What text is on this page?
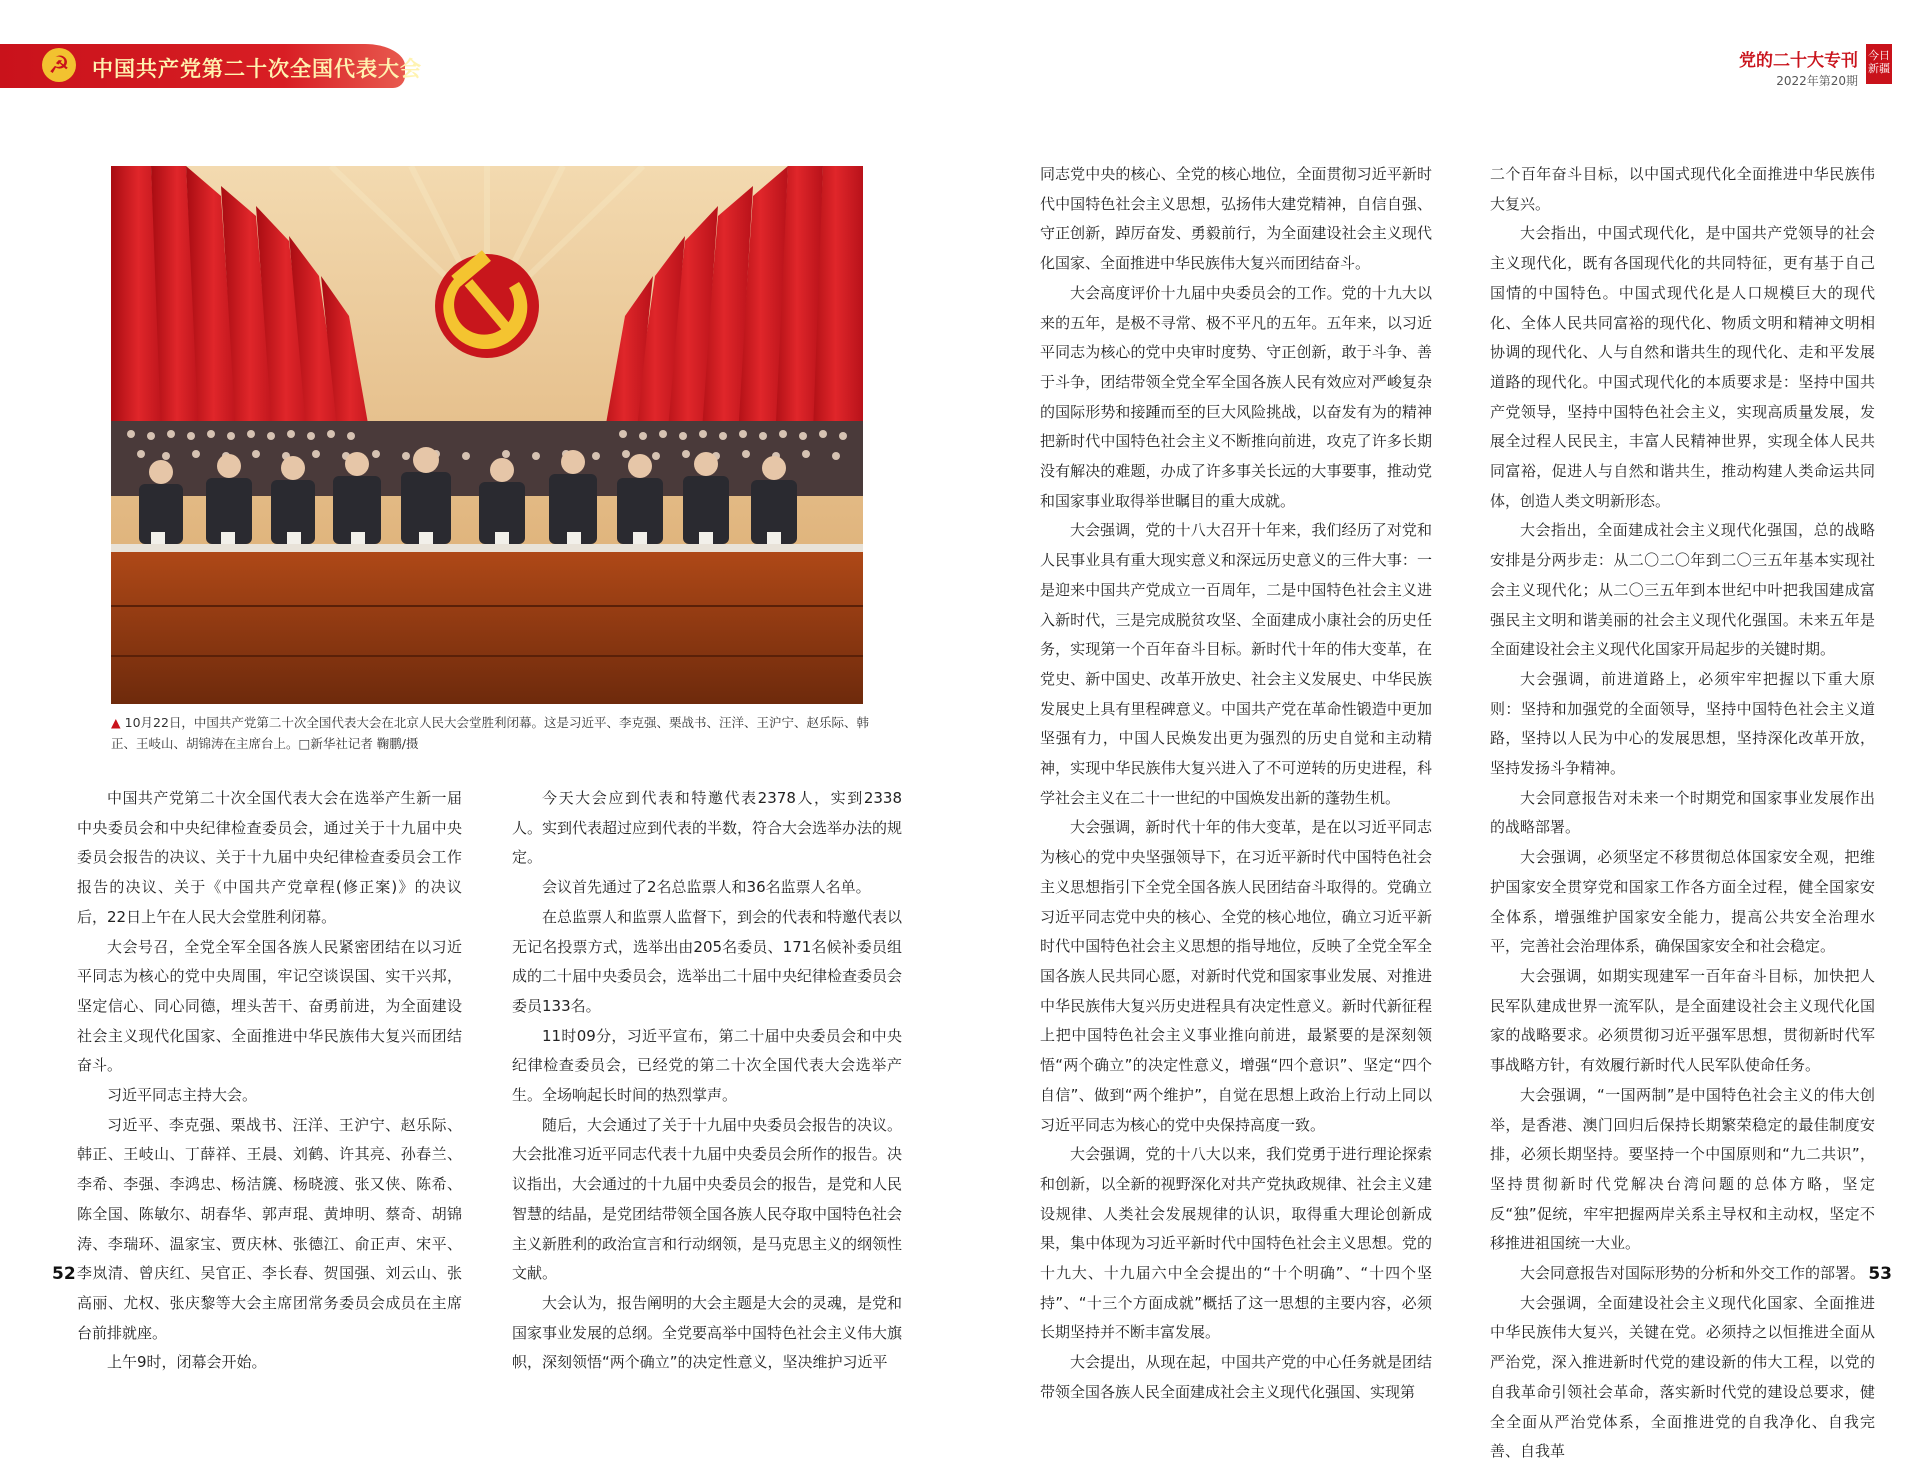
☭ 中国共产党第二十次全国代表大会	党的二十大专刊
2022年第20期
今日新疆
▲ 10月22日，中国共产党第二十次全国代表大会在北京人民大会堂胜利闭幕。这是习近平、李克强、栗战书、汪洋、王沪宁、赵乐际、韩正、王岐山、胡锦涛在主席台上。□新华社记者 鞠鹏/摄

中国共产党第二十次全国代表大会在选举产生新一届中央委员会和中央纪律检查委员会，通过关于十九届中央委员会报告的决议、关于十九届中央纪律检查委员会工作报告的决议、关于《中国共产党章程(修正案)》的决议后，22日上午在人民大会堂胜利闭幕。

大会号召，全党全军全国各族人民紧密团结在以习近平同志为核心的党中央周围，牢记空谈误国、实干兴邦，坚定信心、同心同德，埋头苦干、奋勇前进，为全面建设社会主义现代化国家、全面推进中华民族伟大复兴而团结奋斗。

习近平同志主持大会。

习近平、李克强、栗战书、汪洋、王沪宁、赵乐际、韩正、王岐山、丁薛祥、王晨、刘鹤、许其亮、孙春兰、李希、李强、李鸿忠、杨洁篪、杨晓渡、张又侠、陈希、陈全国、陈敏尔、胡春华、郭声琨、黄坤明、蔡奇、胡锦涛、李瑞环、温家宝、贾庆林、张德江、俞正声、宋平、李岚清、曾庆红、吴官正、李长春、贺国强、刘云山、张高丽、尤权、张庆黎等大会主席团常务委员会成员在主席台前排就座。

上午9时，闭幕会开始。

今天大会应到代表和特邀代表2378人，实到2338人。实到代表超过应到代表的半数，符合大会选举办法的规定。

会议首先通过了2名总监票人和36名监票人名单。

在总监票人和监票人监督下，到会的代表和特邀代表以无记名投票方式，选举出由205名委员、171名候补委员组成的二十届中央委员会，选举出二十届中央纪律检查委员会委员133名。

11时09分，习近平宣布，第二十届中央委员会和中央纪律检查委员会，已经党的第二十次全国代表大会选举产生。全场响起长时间的热烈掌声。

随后，大会通过了关于十九届中央委员会报告的决议。大会批准习近平同志代表十九届中央委员会所作的报告。决议指出，大会通过的十九届中央委员会的报告，是党和人民智慧的结晶，是党团结带领全国各族人民夺取中国特色社会主义新胜利的政治宣言和行动纲领，是马克思主义的纲领性文献。

大会认为，报告阐明的大会主题是大会的灵魂，是党和国家事业发展的总纲。全党要高举中国特色社会主义伟大旗帜，深刻领悟“两个确立”的决定性意义，坚决维护习近平

同志党中央的核心、全党的核心地位，全面贯彻习近平新时代中国特色社会主义思想，弘扬伟大建党精神，自信自强、守正创新，踔厉奋发、勇毅前行，为全面建设社会主义现代化国家、全面推进中华民族伟大复兴而团结奋斗。

大会高度评价十九届中央委员会的工作。党的十九大以来的五年，是极不寻常、极不平凡的五年。五年来，以习近平同志为核心的党中央审时度势、守正创新，敢于斗争、善于斗争，团结带领全党全军全国各族人民有效应对严峻复杂的国际形势和接踵而至的巨大风险挑战，以奋发有为的精神把新时代中国特色社会主义不断推向前进，攻克了许多长期没有解决的难题，办成了许多事关长远的大事要事，推动党和国家事业取得举世瞩目的重大成就。

大会强调，党的十八大召开十年来，我们经历了对党和人民事业具有重大现实意义和深远历史意义的三件大事：一是迎来中国共产党成立一百周年，二是中国特色社会主义进入新时代，三是完成脱贫攻坚、全面建成小康社会的历史任务，实现第一个百年奋斗目标。新时代十年的伟大变革，在党史、新中国史、改革开放史、社会主义发展史、中华民族发展史上具有里程碑意义。中国共产党在革命性锻造中更加坚强有力，中国人民焕发出更为强烈的历史自觉和主动精神，实现中华民族伟大复兴进入了不可逆转的历史进程，科学社会主义在二十一世纪的中国焕发出新的蓬勃生机。

大会强调，新时代十年的伟大变革，是在以习近平同志为核心的党中央坚强领导下，在习近平新时代中国特色社会主义思想指引下全党全国各族人民团结奋斗取得的。党确立习近平同志党中央的核心、全党的核心地位，确立习近平新时代中国特色社会主义思想的指导地位，反映了全党全军全国各族人民共同心愿，对新时代党和国家事业发展、对推进中华民族伟大复兴历史进程具有决定性意义。新时代新征程上把中国特色社会主义事业推向前进，最紧要的是深刻领悟“两个确立”的决定性意义，增强“四个意识”、坚定“四个自信”、做到“两个维护”，自觉在思想上政治上行动上同以习近平同志为核心的党中央保持高度一致。

大会强调，党的十八大以来，我们党勇于进行理论探索和创新，以全新的视野深化对共产党执政规律、社会主义建设规律、人类社会发展规律的认识，取得重大理论创新成果，集中体现为习近平新时代中国特色社会主义思想。党的十九大、十九届六中全会提出的“十个明确”、“十四个坚持”、“十三个方面成就”概括了这一思想的主要内容，必须长期坚持并不断丰富发展。

大会提出，从现在起，中国共产党的中心任务就是团结带领全国各族人民全面建成社会主义现代化强国、实现第

二个百年奋斗目标，以中国式现代化全面推进中华民族伟大复兴。

大会指出，中国式现代化，是中国共产党领导的社会主义现代化，既有各国现代化的共同特征，更有基于自己国情的中国特色。中国式现代化是人口规模巨大的现代化、全体人民共同富裕的现代化、物质文明和精神文明相协调的现代化、人与自然和谐共生的现代化、走和平发展道路的现代化。中国式现代化的本质要求是：坚持中国共产党领导，坚持中国特色社会主义，实现高质量发展，发展全过程人民民主，丰富人民精神世界，实现全体人民共同富裕，促进人与自然和谐共生，推动构建人类命运共同体，创造人类文明新形态。

大会指出，全面建成社会主义现代化强国，总的战略安排是分两步走：从二〇二〇年到二〇三五年基本实现社会主义现代化；从二〇三五年到本世纪中叶把我国建成富强民主文明和谐美丽的社会主义现代化强国。未来五年是全面建设社会主义现代化国家开局起步的关键时期。

大会强调，前进道路上，必须牢牢把握以下重大原则：坚持和加强党的全面领导，坚持中国特色社会主义道路，坚持以人民为中心的发展思想，坚持深化改革开放，坚持发扬斗争精神。

大会同意报告对未来一个时期党和国家事业发展作出的战略部署。

大会强调，必须坚定不移贯彻总体国家安全观，把维护国家安全贯穿党和国家工作各方面全过程，健全国家安全体系，增强维护国家安全能力，提高公共安全治理水平，完善社会治理体系，确保国家安全和社会稳定。

大会强调，如期实现建军一百年奋斗目标，加快把人民军队建成世界一流军队，是全面建设社会主义现代化国家的战略要求。必须贯彻习近平强军思想，贯彻新时代军事战略方针，有效履行新时代人民军队使命任务。

大会强调，“一国两制”是中国特色社会主义的伟大创举，是香港、澳门回归后保持长期繁荣稳定的最佳制度安排，必须长期坚持。要坚持一个中国原则和“九二共识”，坚持贯彻新时代党解决台湾问题的总体方略，坚定反“独”促统，牢牢把握两岸关系主导权和主动权，坚定不移推进祖国统一大业。

大会同意报告对国际形势的分析和外交工作的部署。

大会强调，全面建设社会主义现代化国家、全面推进中华民族伟大复兴，关键在党。必须持之以恒推进全面从严治党，深入推进新时代党的建设新的伟大工程，以党的自我革命引领社会革命，落实新时代党的建设总要求，健全全面从严治党体系，全面推进党的自我净化、自我完善、自我革

52	53
